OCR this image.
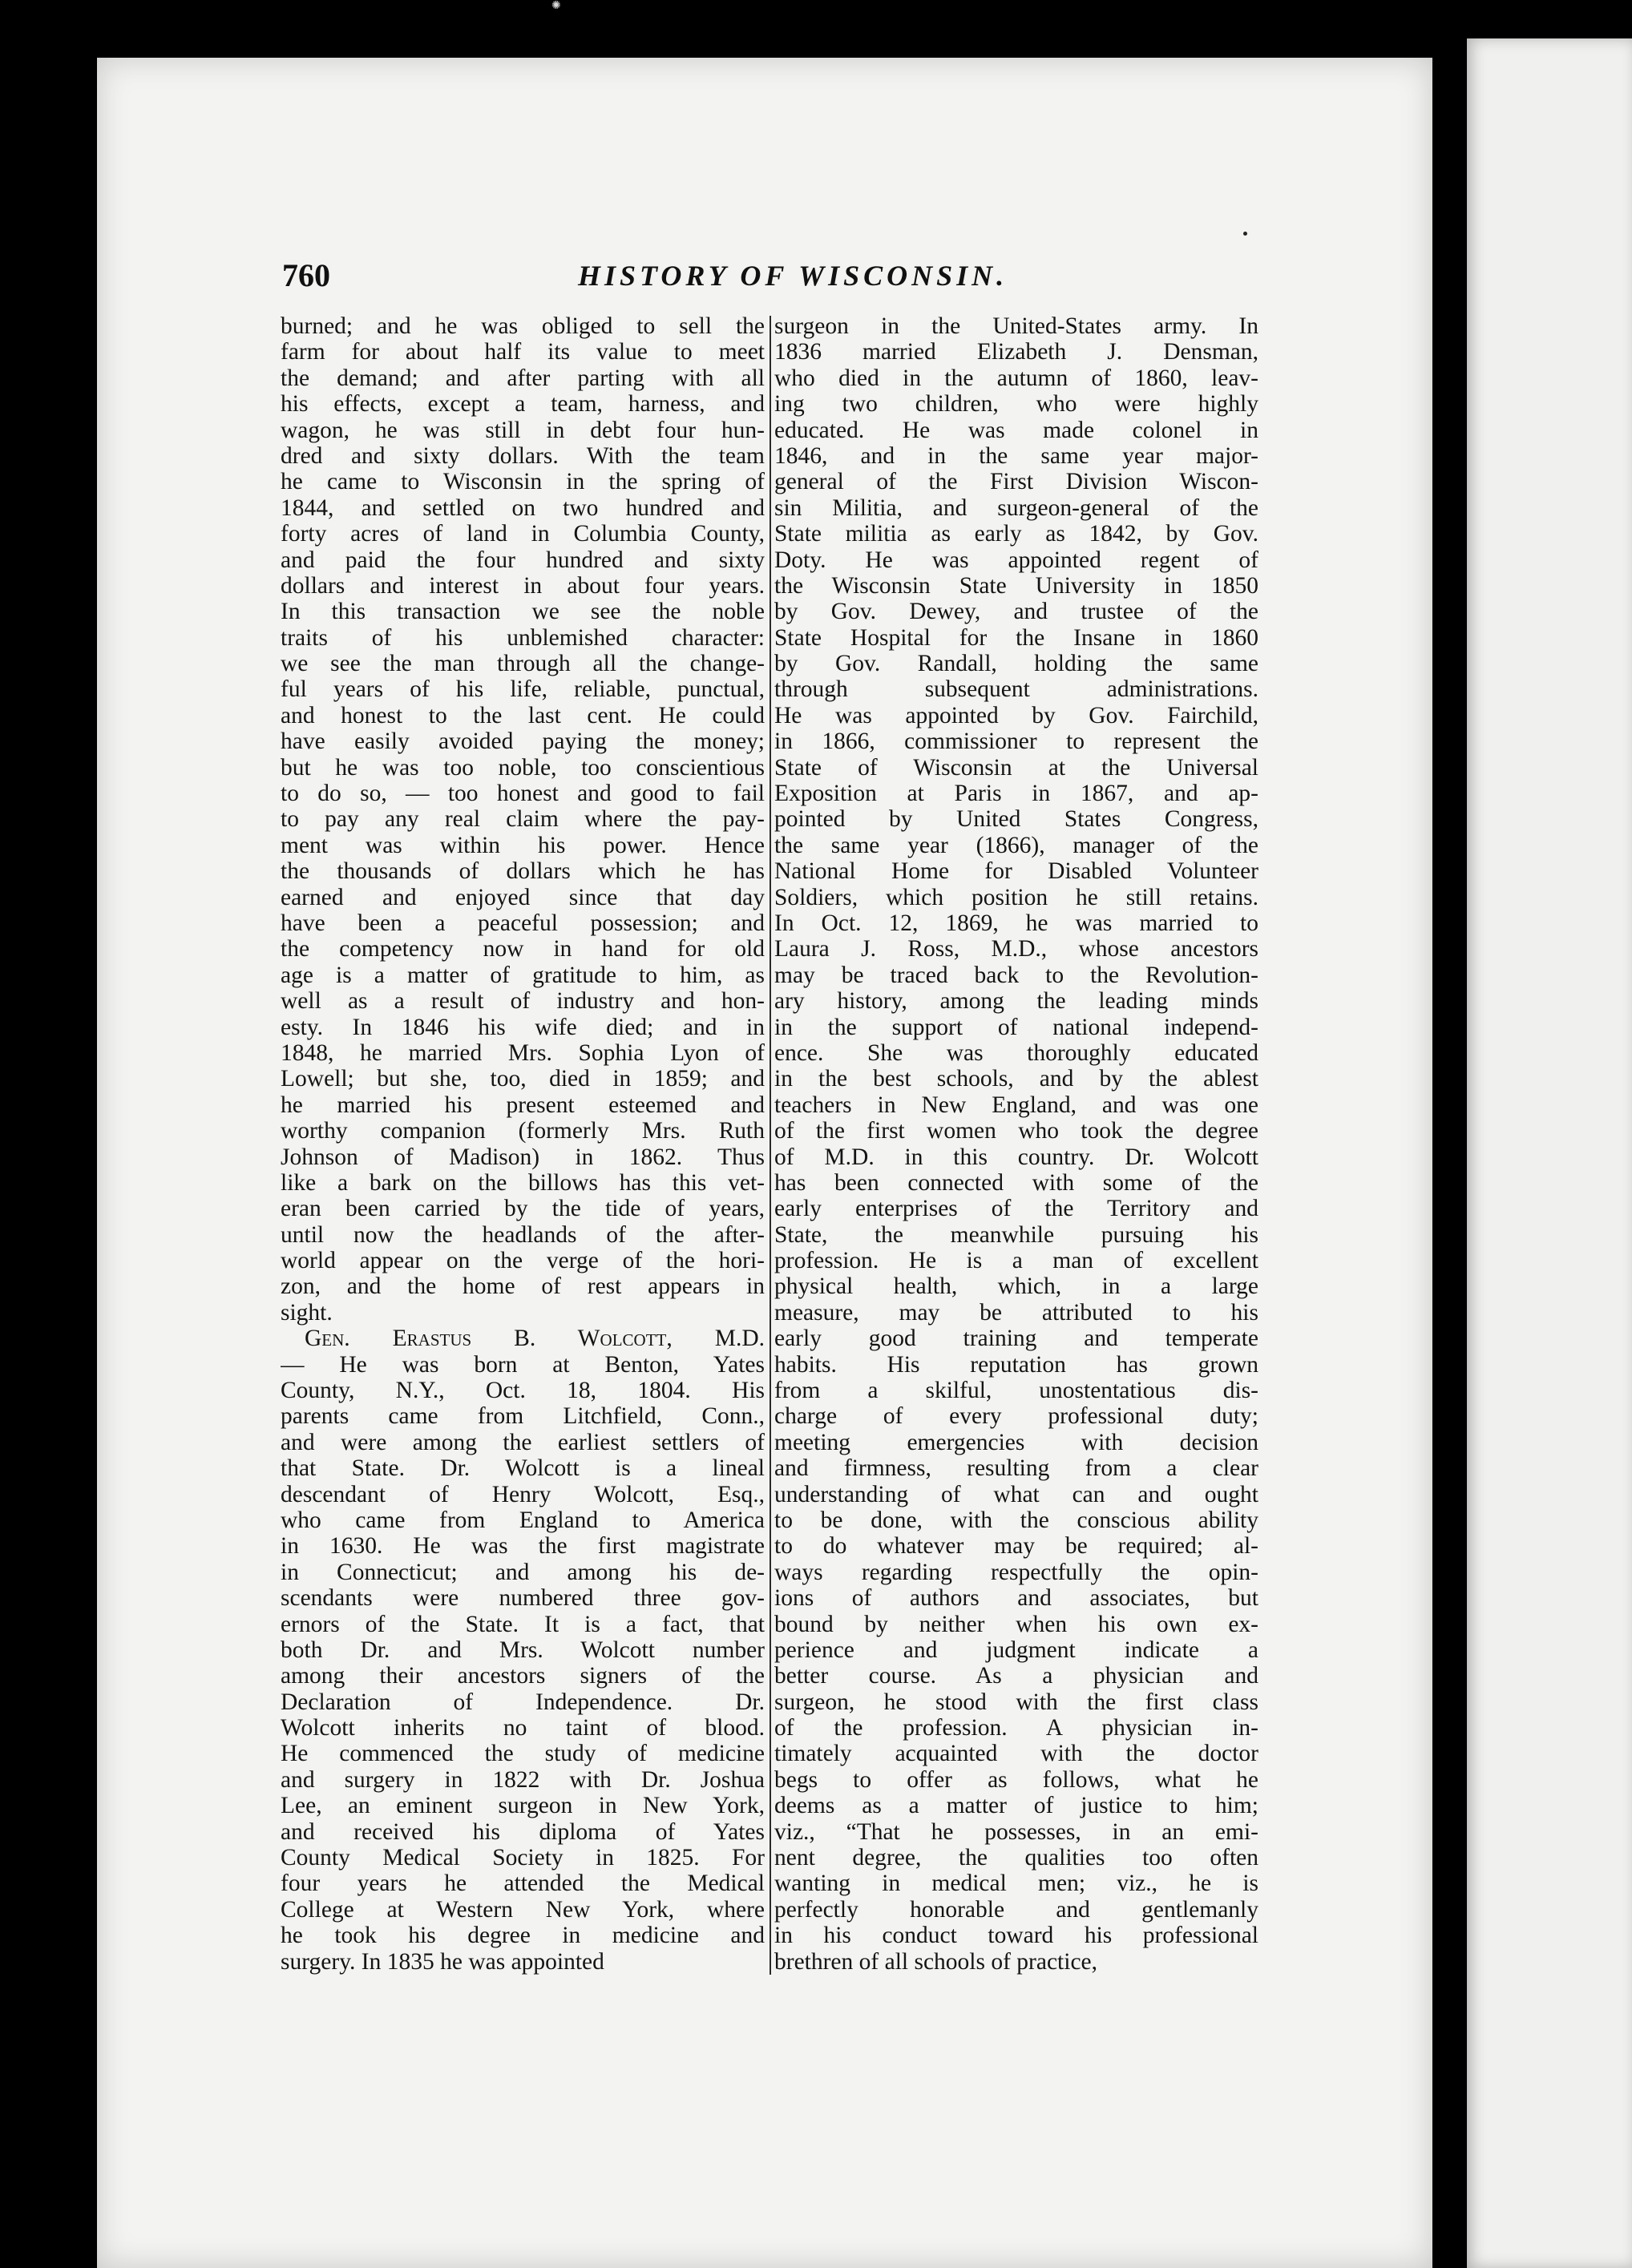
✺
760	HISTORY OF WISCONSIN.
burned; and he was obliged to sell the
farm for about half its value to meet
the demand; and after parting with all
his effects, except a team, harness, and
wagon, he was still in debt four hun-
dred and sixty dollars. With the team
he came to Wisconsin in the spring of
1844, and settled on two hundred and
forty acres of land in Columbia County,
and paid the four hundred and sixty
dollars and interest in about four years.
In this transaction we see the noble
traits of his unblemished character:
we see the man through all the change-
ful years of his life, reliable, punctual,
and honest to the last cent. He could
have easily avoided paying the money;
but he was too noble, too conscientious
to do so, — too honest and good to fail
to pay any real claim where the pay-
ment was within his power. Hence
the thousands of dollars which he has
earned and enjoyed since that day
have been a peaceful possession; and
the competency now in hand for old
age is a matter of gratitude to him, as
well as a result of industry and hon-
esty. In 1846 his wife died; and in
1848, he married Mrs. Sophia Lyon of
Lowell; but she, too, died in 1859; and
he married his present esteemed and
worthy companion (formerly Mrs. Ruth
Johnson of Madison) in 1862. Thus
like a bark on the billows has this vet-
eran been carried by the tide of years,
until now the headlands of the after-
world appear on the verge of the hori-
zon, and the home of rest appears in
sight.
Gen. Erastus B. Wolcott, M.D.
— He was born at Benton, Yates
County, N.Y., Oct. 18, 1804. His
parents came from Litchfield, Conn.,
and were among the earliest settlers of
that State. Dr. Wolcott is a lineal
descendant of Henry Wolcott, Esq.,
who came from England to America
in 1630. He was the first magistrate
in Connecticut; and among his de-
scendants were numbered three gov-
ernors of the State. It is a fact, that
both Dr. and Mrs. Wolcott number
among their ancestors signers of the
Declaration of Independence. Dr.
Wolcott inherits no taint of blood.
He commenced the study of medicine
and surgery in 1822 with Dr. Joshua
Lee, an eminent surgeon in New York,
and received his diploma of Yates
County Medical Society in 1825. For
four years he attended the Medical
College at Western New York, where
he took his degree in medicine and
surgery. In 1835 he was appointed
surgeon in the United-States army. In
1836 married Elizabeth J. Densman,
who died in the autumn of 1860, leav-
ing two children, who were highly
educated. He was made colonel in
1846, and in the same year major-
general of the First Division Wiscon-
sin Militia, and surgeon-general of the
State militia as early as 1842, by Gov.
Doty. He was appointed regent of
the Wisconsin State University in 1850
by Gov. Dewey, and trustee of the
State Hospital for the Insane in 1860
by Gov. Randall, holding the same
through subsequent administrations.
He was appointed by Gov. Fairchild,
in 1866, commissioner to represent the
State of Wisconsin at the Universal
Exposition at Paris in 1867, and ap-
pointed by United States Congress,
the same year (1866), manager of the
National Home for Disabled Volunteer
Soldiers, which position he still retains.
In Oct. 12, 1869, he was married to
Laura J. Ross, M.D., whose ancestors
may be traced back to the Revolution-
ary history, among the leading minds
in the support of national independ-
ence. She was thoroughly educated
in the best schools, and by the ablest
teachers in New England, and was one
of the first women who took the degree
of M.D. in this country. Dr. Wolcott
has been connected with some of the
early enterprises of the Territory and
State, the meanwhile pursuing his
profession. He is a man of excellent
physical health, which, in a large
measure, may be attributed to his
early good training and temperate
habits. His reputation has grown
from a skilful, unostentatious dis-
charge of every professional duty;
meeting emergencies with decision
and firmness, resulting from a clear
understanding of what can and ought
to be done, with the conscious ability
to do whatever may be required; al-
ways regarding respectfully the opin-
ions of authors and associates, but
bound by neither when his own ex-
perience and judgment indicate a
better course. As a physician and
surgeon, he stood with the first class
of the profession. A physician in-
timately acquainted with the doctor
begs to offer as follows, what he
deems as a matter of justice to him;
viz., “That he possesses, in an emi-
nent degree, the qualities too often
wanting in medical men; viz., he is
perfectly honorable and gentlemanly
in his conduct toward his professional
brethren of all schools of practice,
